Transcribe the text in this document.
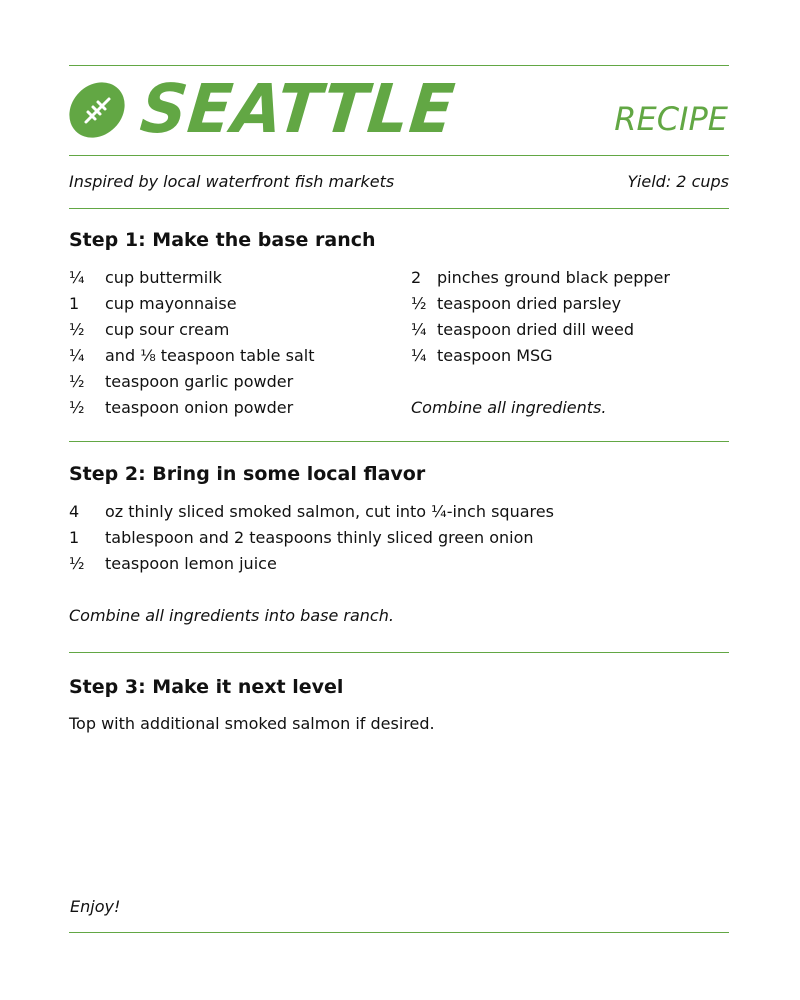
SEATTLE	RECIPE
Inspired by local waterfront fish markets	Yield: 2 cups
Step 1: Make the base ranch
¼	cup buttermilk
1	cup mayonnaise
½	cup sour cream
¼	and ⅛ teaspoon table salt
½	teaspoon garlic powder
½	teaspoon onion powder
2 pinches ground black pepper
½ teaspoon dried parsley
¼ teaspoon dried dill weed
¼ teaspoon MSG
Combine all ingredients.
Step 2: Bring in some local flavor
4	oz thinly sliced smoked salmon, cut into ¼-inch squares
1	tablespoon and 2 teaspoons thinly sliced green onion
½	teaspoon lemon juice
Combine all ingredients into base ranch.
Step 3: Make it next level
Top with additional smoked salmon if desired.
Enjoy!
